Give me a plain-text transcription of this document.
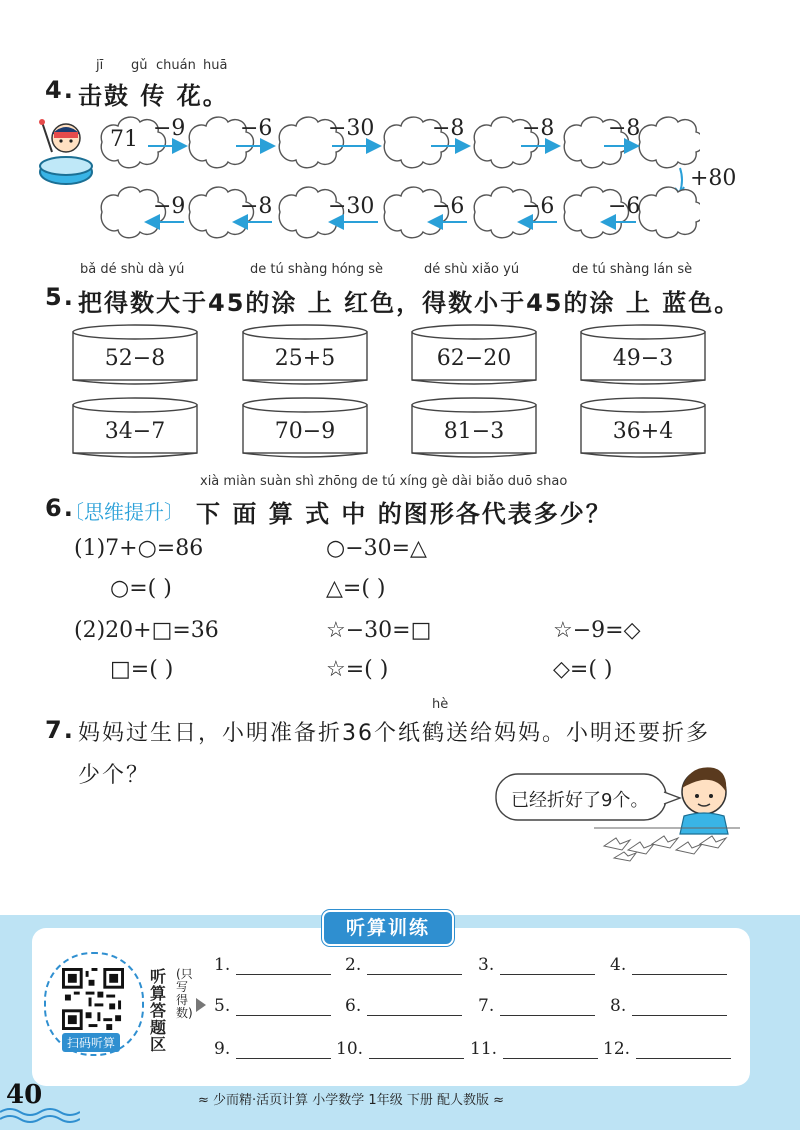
jī gǔ chuán huā
4. 击鼓 传 花。
71 −9 −6	−30	−8	−8 −8
+80
−9 −8	−30	−6	−6 −6
bǎ dé shù dà yú	de tú shàng hóng sè	dé shù xiǎo yú	de tú shàng lán sè
5. 把得数大于45的涂 上 红色，得数小于45的涂 上 蓝色。
52−8	25+5	62−20	49−3
34−7	70−9	81−3	36+4
xià miàn suàn shì zhōng de tú xíng gè dài biǎo duō shao
6.
〔思维提升〕 下 面 算 式 中 的图形各代表多少？
(1)7+○=86	○−30=△
○=( )	△=( )
(2)20+□=36	☆−30=□	☆−9=◇
□=( )	☆=( )	◇=( )
hè
7. 妈妈过生日，小明准备折36个纸鹤送给妈妈。小明还要折多
少个？
已经折好了9个。
听算训练
扫码听算
听算答题区
(只写得数)
1.	2.	3.	4.
5.	6.	7.	8.
9.	10.	11.	12.
40	≈ 少而精·活页计算 小学数学 1年级 下册 配人教版 ≈
